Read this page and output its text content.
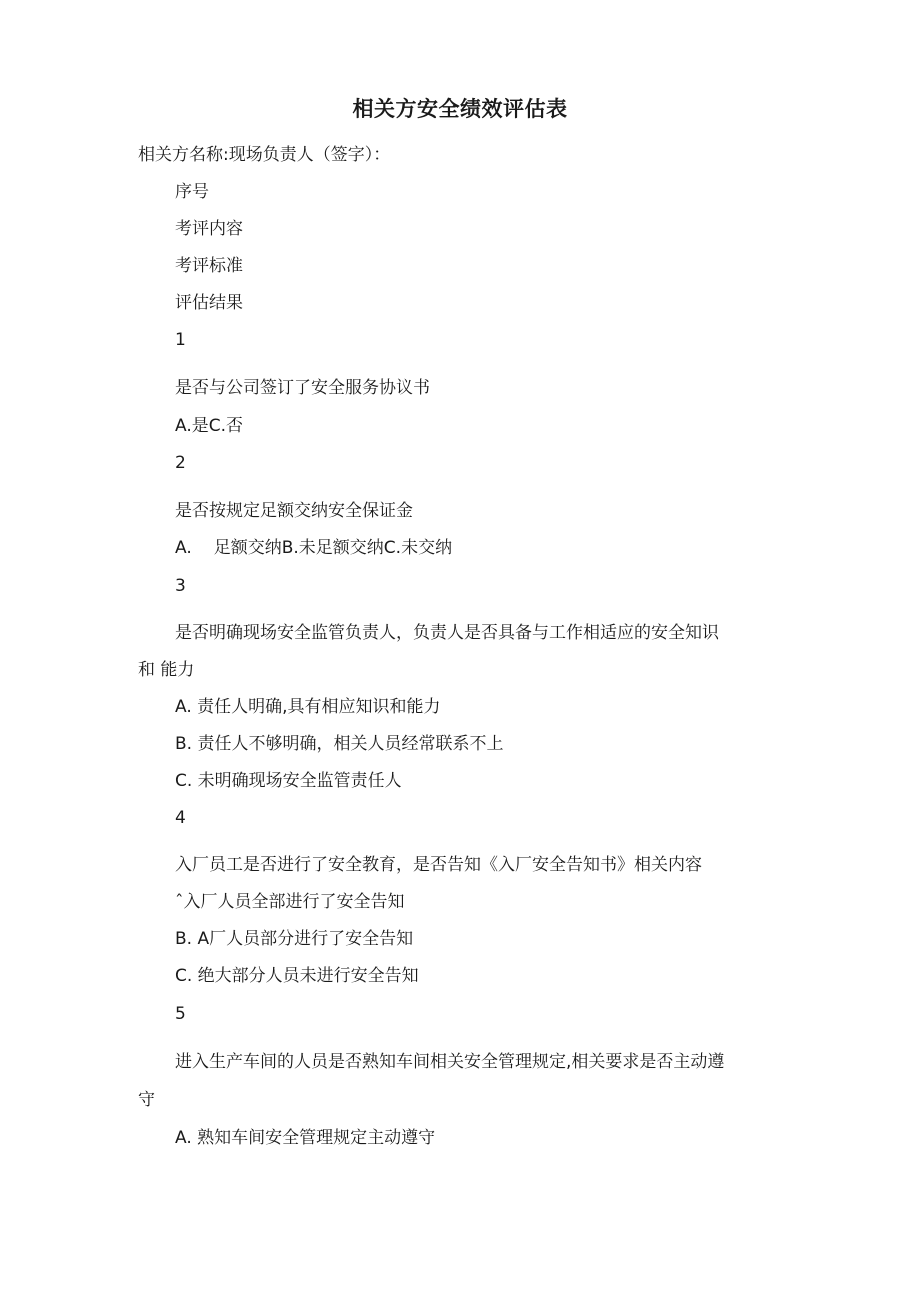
相关方安全绩效评估表
相关方名称:现场负责人（签字）：
序号
考评内容
考评标准
评估结果
1
是否与公司签订了安全服务协议书
A.是C.否
2
是否按规定足额交纳安全保证金
A. 足额交纳B.未足额交纳C.未交纳
3
是否明确现场安全监管负责人，负责人是否具备与工作相适应的安全知识
和 能力
A. 责任人明确,具有相应知识和能力
B. 责任人不够明确，相关人员经常联系不上
C. 未明确现场安全监管责任人
4
入厂员工是否进行了安全教育，是否告知《入厂安全告知书》相关内容
ˆ入厂人员全部进行了安全告知
B. A厂人员部分进行了安全告知
C. 绝大部分人员未进行安全告知
5
进入生产车间的人员是否熟知车间相关安全管理规定,相关要求是否主动遵
守
A. 熟知车间安全管理规定主动遵守
